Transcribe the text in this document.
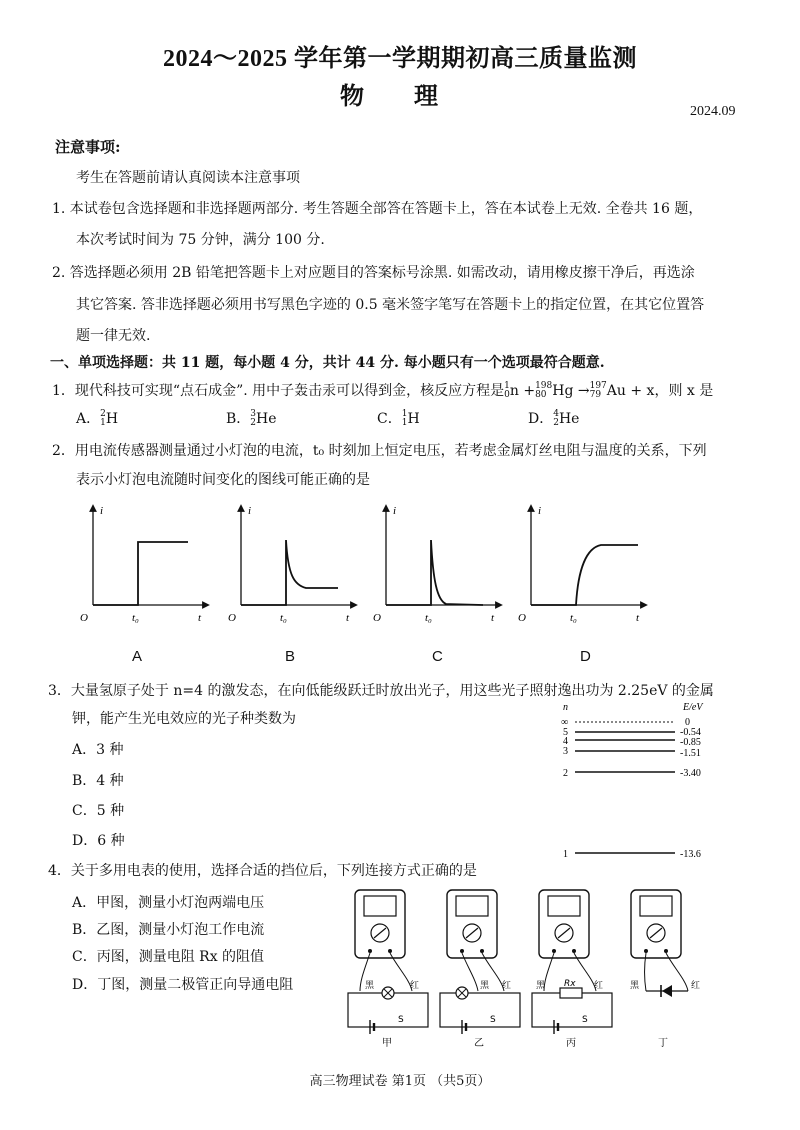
2024～2025 学年第一学期期初高三质量监测
物 理
2024.09
注意事项:
考生在答题前请认真阅读本注意事项
1. 本试卷包含选择题和非选择题两部分. 考生答题全部答在答题卡上，答在本试卷上无效. 全卷共 16 题，
本次考试时间为 75 分钟，满分 100 分.
2. 答选择题必须用 2B 铅笔把答题卡上对应题目的答案标号涂黑. 如需改动，请用橡皮擦干净后，再选涂
其它答案. 答非选择题必须用书写黑色字迹的 0.5 毫米签字笔写在答题卡上的指定位置，在其它位置答
题一律无效.
一、单项选择题：共 11 题，每小题 4 分，共计 44 分. 每小题只有一个选项最符合题意.
1．现代科技可实现“点石成金”. 用中子轰击汞可以得到金，核反应方程是 1
0 n + 198
80 Hg → 197
79 Au + x，则 x 是
A． 2
1 H	B． 3
2 He	C． 1
1 H	D． 4
2 He
2．用电流传感器测量通过小灯泡的电流，t₀ 时刻加上恒定电压，若考虑金属灯丝电阻与温度的关系，下列
表示小灯泡电流随时间变化的图线可能正确的是
i
t
O	t₀
i
t
O	t₀
i
t
O	t₀
i
t
O	t₀
A	B	C	D
3．大量氢原子处于 n=4 的激发态，在向低能级跃迁时放出光子，用这些光子照射逸出功为 2.25eV 的金属
钾，能产生光电效应的光子种类数为
A．3 种
B．4 种
C．5 种
D．6 种
n	E/eV
∞	0
5	-0.54
4	-0.85
3	-1.51
2	-3.40
1	-13.6
4．关于多用电表的使用，选择合适的挡位后，下列连接方式正确的是
A．甲图，测量小灯泡两端电压
B．乙图，测量小灯泡工作电流
C．丙图，测量电阻 Rx 的阻值
D．丁图，测量二极管正向导通电阻	黑	红
S
甲
黑 红
S
乙
黑	红
Rx
S
丙
黑	红
丁
高三物理试卷 第1页 （共5页）
